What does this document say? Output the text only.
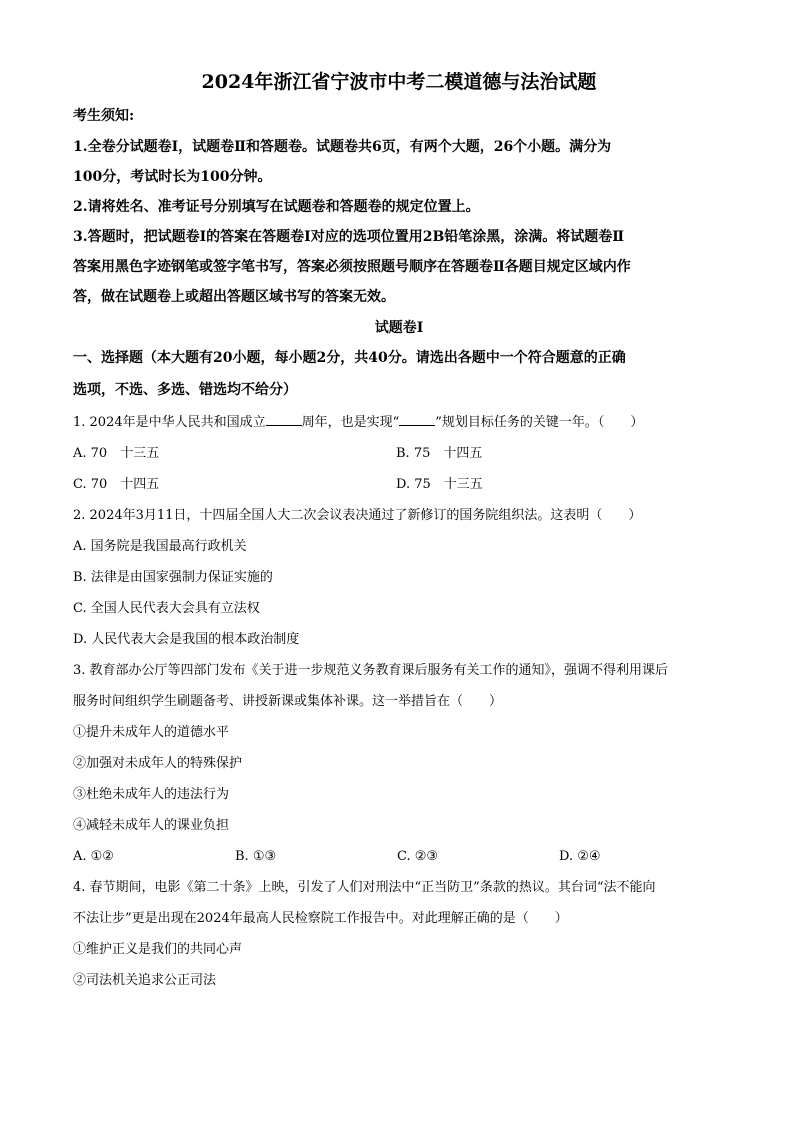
2024年浙江省宁波市中考二模道德与法治试题
考生须知:
1.全卷分试题卷Ⅰ，试题卷Ⅱ和答题卷。试题卷共6页，有两个大题，26个小题。满分为
100分，考试时长为100分钟。
2.请将姓名、准考证号分别填写在试题卷和答题卷的规定位置上。
3.答题时，把试题卷Ⅰ的答案在答题卷Ⅰ对应的选项位置用2B铅笔涂黑，涂满。将试题卷Ⅱ
答案用黑色字迹钢笔或签字笔书写，答案必须按照题号顺序在答题卷Ⅱ各题目规定区域内作
答，做在试题卷上或超出答题区域书写的答案无效。
试题卷Ⅰ
一、选择题（本大题有20小题，每小题2分，共40分。请选出各题中一个符合题意的正确
选项，不选、多选、错选均不给分）
1. 2024年是中华人民共和国成立	周年，也是实现“	”规划目标任务的关键一年。（　　）
A. 70　十三五	B. 75　十四五
C. 70　十四五	D. 75　十三五
2. 2024年3月11日，十四届全国人大二次会议表决通过了新修订的国务院组织法。这表明（　　）
A. 国务院是我国最高行政机关
B. 法律是由国家强制力保证实施的
C. 全国人民代表大会具有立法权
D. 人民代表大会是我国的根本政治制度
3. 教育部办公厅等四部门发布《关于进一步规范义务教育课后服务有关工作的通知》，强调不得利用课后
服务时间组织学生刷题备考、讲授新课或集体补课。这一举措旨在（　　）
①提升未成年人的道德水平
②加强对未成年人的特殊保护
③杜绝未成年人的违法行为
④减轻未成年人的课业负担
A. ①②	B. ①③	C. ②③	D. ②④
4. 春节期间，电影《第二十条》上映，引发了人们对刑法中“正当防卫”条款的热议。其台词“法不能向
不法让步”更是出现在2024年最高人民检察院工作报告中。对此理解正确的是（　　）
①维护正义是我们的共同心声
②司法机关追求公正司法
